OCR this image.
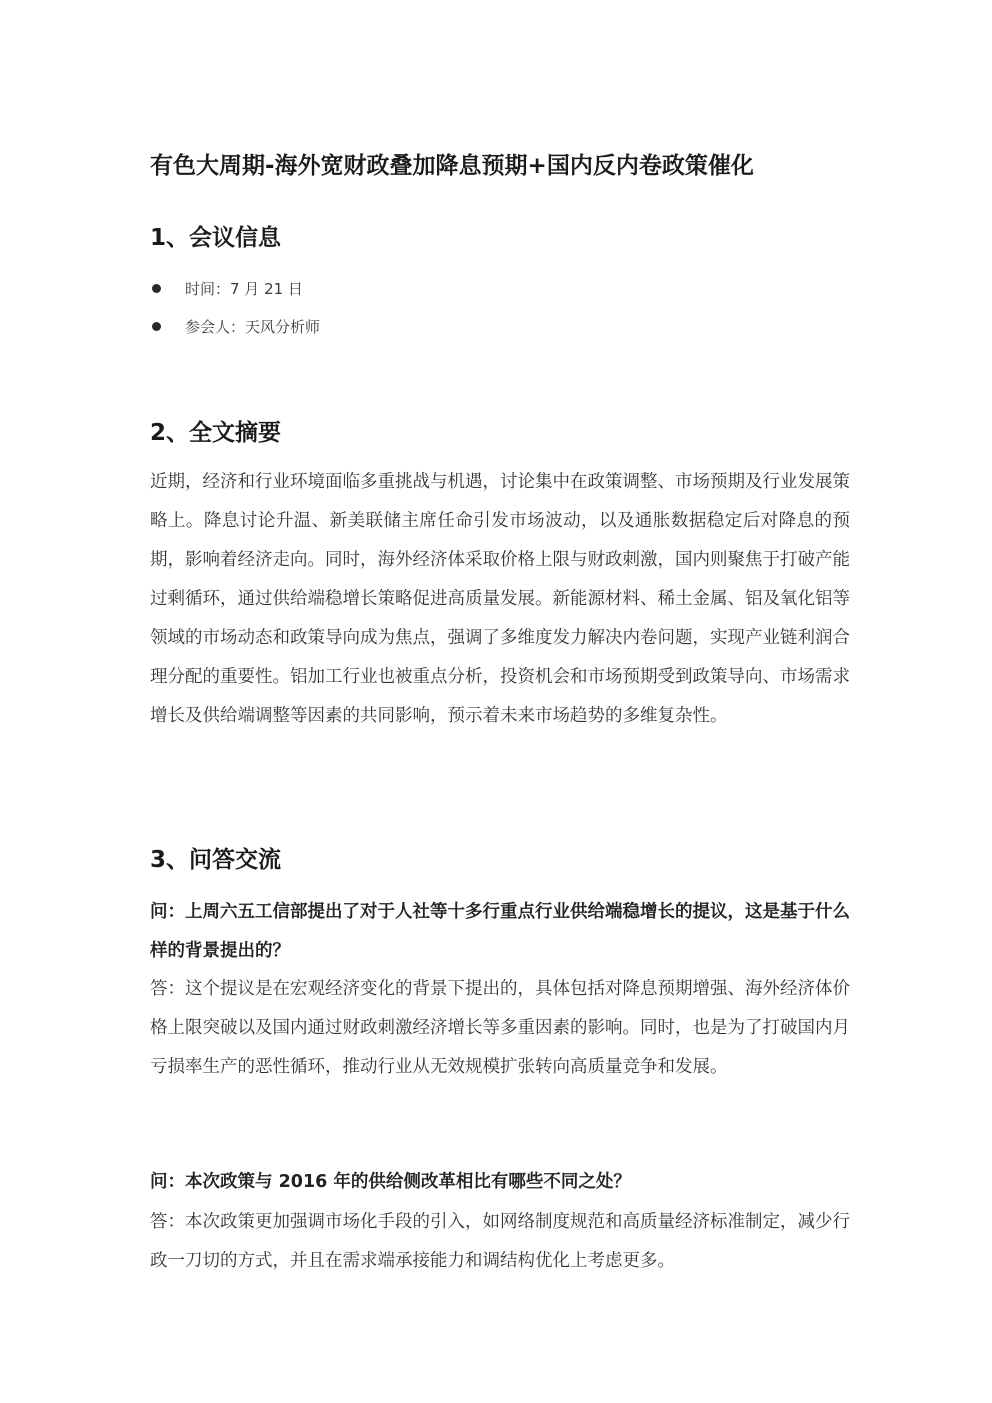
有色大周期-海外宽财政叠加降息预期+国内反内卷政策催化
1、会议信息
时间：7 月 21 日
参会人：天风分析师
2、全文摘要

近期，经济和行业环境面临多重挑战与机遇，讨论集中在政策调整、市场预期及行业发展策略上。降息讨论升温、新美联储主席任命引发市场波动，以及通胀数据稳定后对降息的预期，影响着经济走向。同时，海外经济体采取价格上限与财政刺激，国内则聚焦于打破产能过剩循环，通过供给端稳增长策略促进高质量发展。新能源材料、稀土金属、铝及氧化铝等领域的市场动态和政策导向成为焦点，强调了多维度发力解决内卷问题，实现产业链利润合理分配的重要性。铝加工行业也被重点分析，投资机会和市场预期受到政策导向、市场需求增长及供给端调整等因素的共同影响，预示着未来市场趋势的多维复杂性。

3、问答交流

问：上周六五工信部提出了对于人社等十多行重点行业供给端稳增长的提议，这是基于什么样的背景提出的？

答：这个提议是在宏观经济变化的背景下提出的，具体包括对降息预期增强、海外经济体价格上限突破以及国内通过财政刺激经济增长等多重因素的影响。同时，也是为了打破国内月亏损率生产的恶性循环，推动行业从无效规模扩张转向高质量竞争和发展。

问：本次政策与 2016 年的供给侧改革相比有哪些不同之处？

答：本次政策更加强调市场化手段的引入，如网络制度规范和高质量经济标准制定，减少行政一刀切的方式，并且在需求端承接能力和调结构优化上考虑更多。
